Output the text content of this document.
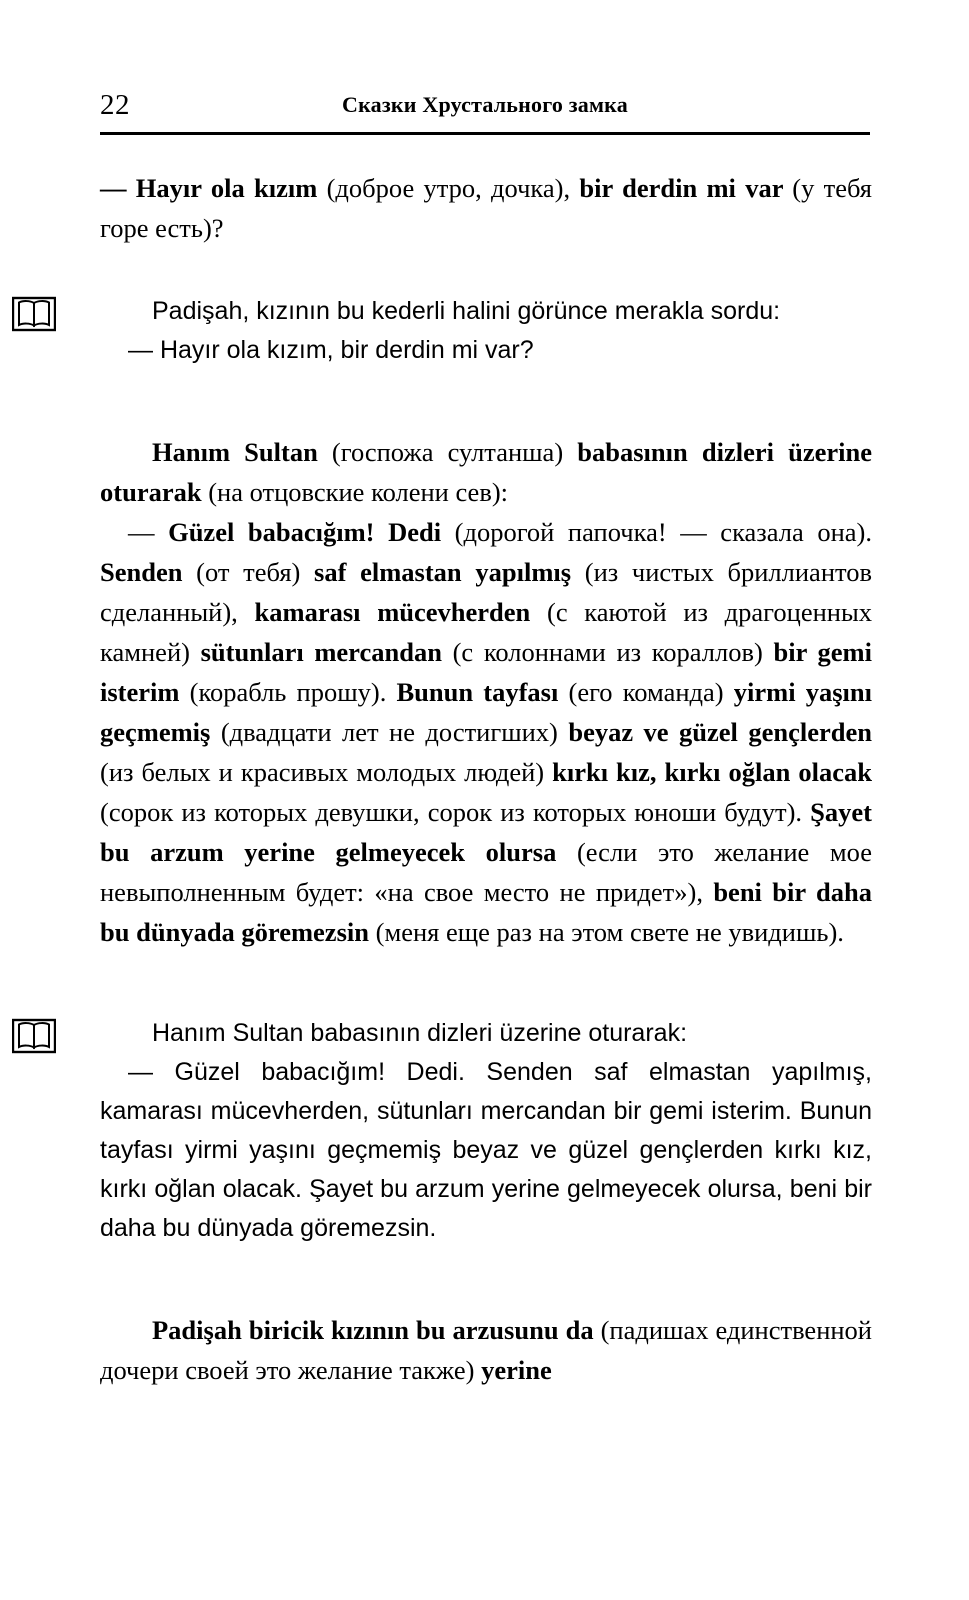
22	Сказки Хрустального замка

— Hayır ola kızım (доброе утро, дочка), bir derdin mi var (у тебя горе есть)?

Padişah, kızının bu kederli halini görünce merakla sordu:

— Hayır ola kızım, bir derdin mi var?

Hanım Sultan (госпожа султанша) babasının dizleri üzerine oturarak (на отцовские колени сев):

— Güzel babacığım! Dedi (дорогой папочка! — сказала она). Senden (от тебя) saf elmastan yapılmış (из чистых бриллиантов сделанный), kamarası mücevherden (с каютой из драгоценных камней) sütunları mercandan (с колоннами из кораллов) bir gemi isterim (корабль прошу). Bunun tayfası (его команда) yirmi yaşını geçmemiş (двадцати лет не достигших) beyaz ve güzel gençlerden (из белых и красивых молодых людей) kırkı kız, kırkı oğlan olacak (сорок из которых девушки, сорок из которых юноши будут). Şayet bu arzum yerine gelmeyecek olursa (если это желание мое невыполненным будет: «на свое место не придет»), beni bir daha bu dünyada göremezsin (меня еще раз на этом свете не увидишь).

Hanım Sultan babasının dizleri üzerine oturarak:

— Güzel babacığım! Dedi. Senden saf elmastan yapılmış, kamarası mücevherden, sütunları mercandan bir gemi isterim. Bunun tayfası yirmi yaşını geçmemiş beyaz ve güzel gençlerden kırkı kız, kırkı oğlan olacak. Şayet bu arzum yerine gelmeyecek olursa, beni bir daha bu dünyada göremezsin.

Padişah biricik kızının bu arzusunu da (падишах единственной дочери своей это желание также) yerine
